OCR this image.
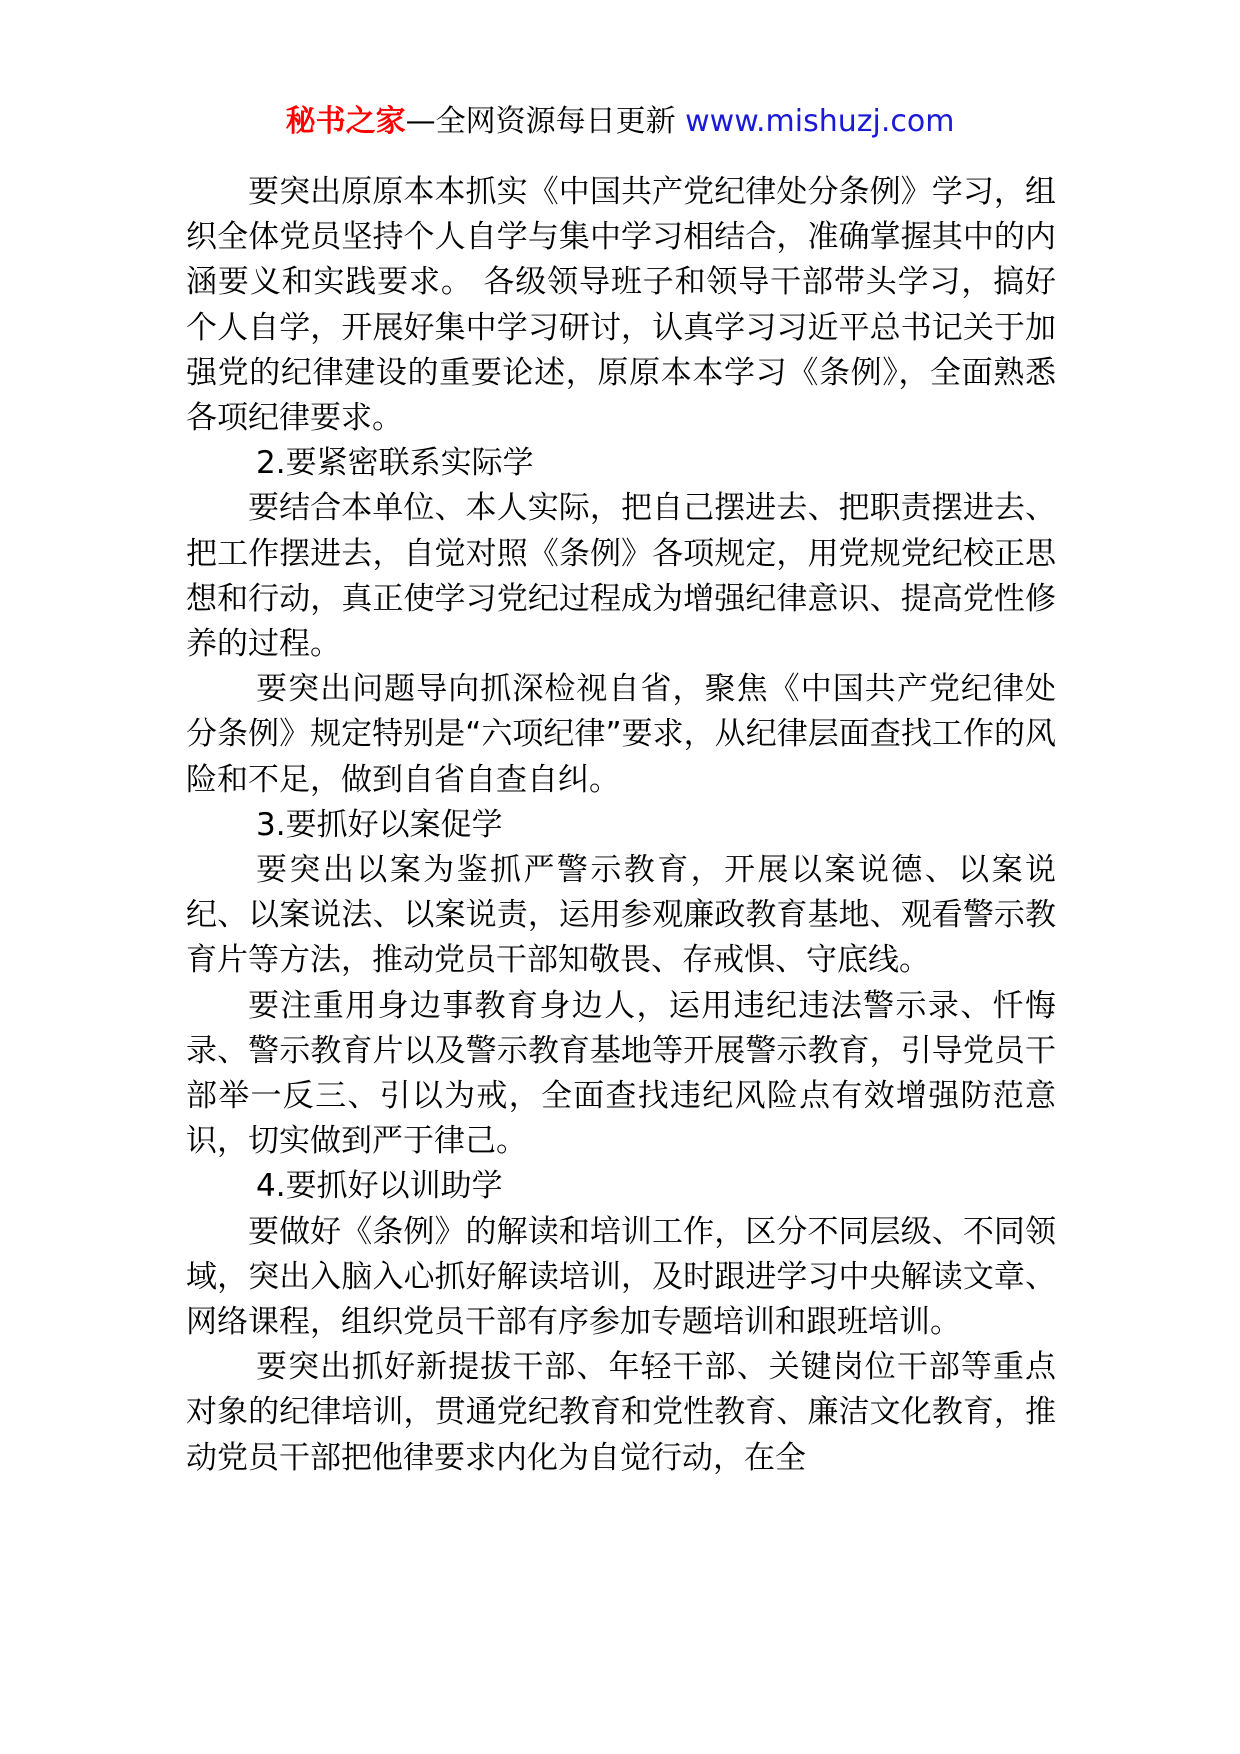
秘书之家—全网资源每日更新 www.mishuzj.com

要突出原原本本抓实《中国共产党纪律处分条例》学习，组织全体党员坚持个人自学与集中学习相结合，准确掌握其中的内涵要义和实践要求。 各级领导班子和领导干部带头学习，搞好个人自学，开展好集中学习研讨，认真学习习近平总书记关于加强党的纪律建设的重要论述，原原本本学习《条例》，全面熟悉各项纪律要求。

2.要紧密联系实际学

要结合本单位、本人实际，把自己摆进去、把职责摆进去、把工作摆进去，自觉对照《条例》各项规定，用党规党纪校正思想和行动，真正使学习党纪过程成为增强纪律意识、提高党性修养的过程。

要突出问题导向抓深检视自省，聚焦《中国共产党纪律处分条例》规定特别是“六项纪律”要求，从纪律层面查找工作的风险和不足，做到自省自查自纠。

3.要抓好以案促学

要突出以案为鉴抓严警示教育，开展以案说德、以案说纪、以案说法、以案说责，运用参观廉政教育基地、观看警示教育片等方法，推动党员干部知敬畏、存戒惧、守底线。

要注重用身边事教育身边人，运用违纪违法警示录、忏悔录、警示教育片以及警示教育基地等开展警示教育，引导党员干部举一反三、引以为戒，全面查找违纪风险点有效增强防范意识，切实做到严于律己。

4.要抓好以训助学

要做好《条例》的解读和培训工作，区分不同层级、不同领域，突出入脑入心抓好解读培训，及时跟进学习中央解读文章、网络课程，组织党员干部有序参加专题培训和跟班培训。

要突出抓好新提拔干部、年轻干部、关键岗位干部等重点对象的纪律培训，贯通党纪教育和党性教育、廉洁文化教育，推动党员干部把他律要求内化为自觉行动，在全
